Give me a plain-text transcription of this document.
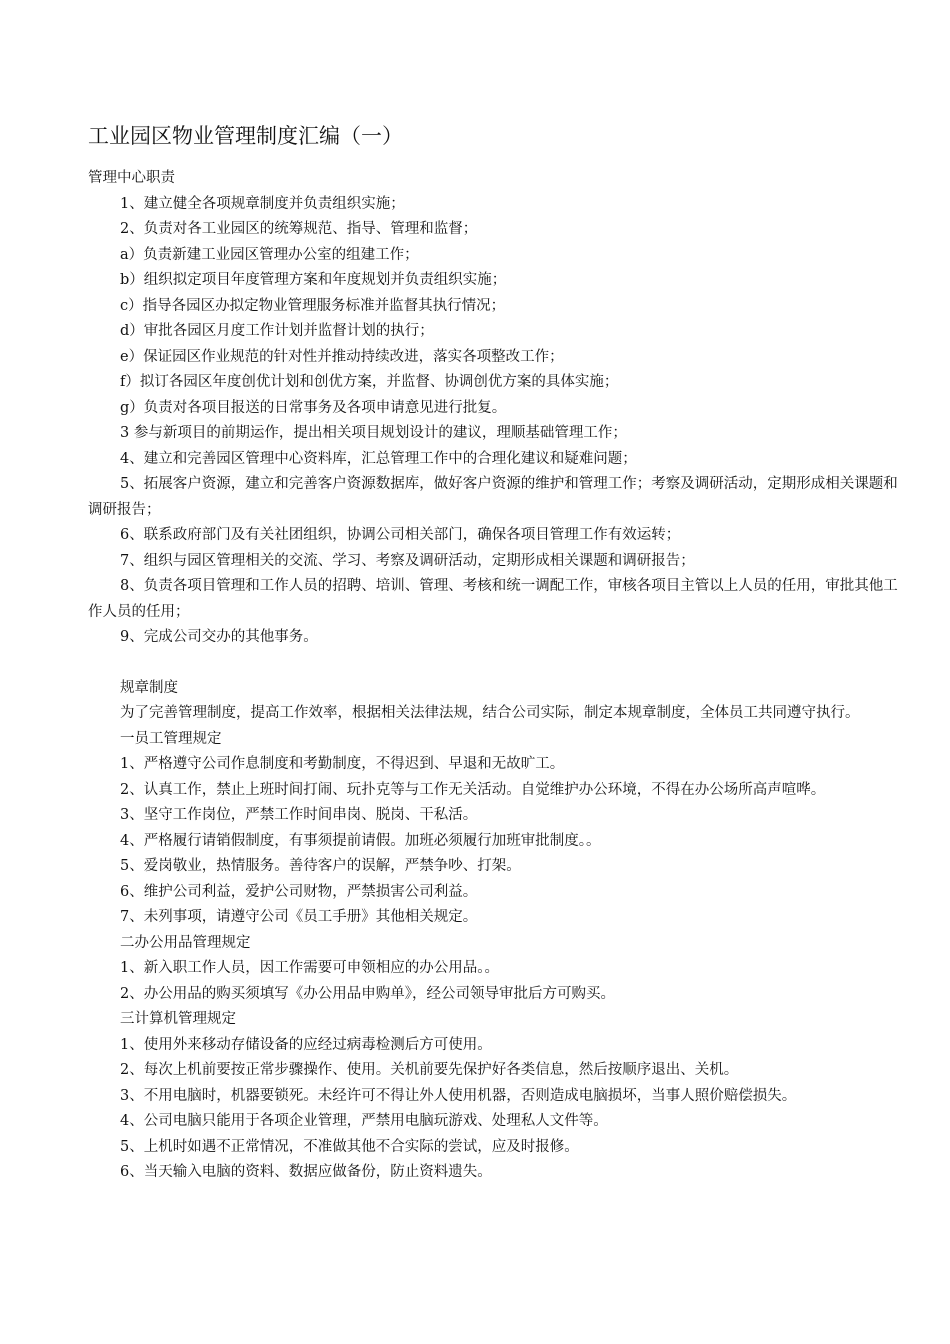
工业园区物业管理制度汇编（一）

管理中心职责

1、建立健全各项规章制度并负责组织实施；

2、负责对各工业园区的统筹规范、指导、管理和监督；

a）负责新建工业园区管理办公室的组建工作；

b）组织拟定项目年度管理方案和年度规划并负责组织实施；

c）指导各园区办拟定物业管理服务标准并监督其执行情况；

d）审批各园区月度工作计划并监督计划的执行；

e）保证园区作业规范的针对性并推动持续改进，落实各项整改工作；

f）拟订各园区年度创优计划和创优方案，并监督、协调创优方案的具体实施；

g）负责对各项目报送的日常事务及各项申请意见进行批复。

3 参与新项目的前期运作，提出相关项目规划设计的建议，理顺基础管理工作；

4、建立和完善园区管理中心资料库，汇总管理工作中的合理化建议和疑难问题；

5、拓展客户资源，建立和完善客户资源数据库，做好客户资源的维护和管理工作；考察及调研活动，定期形成相关课题和调研报告；

6、联系政府部门及有关社团组织，协调公司相关部门，确保各项目管理工作有效运转；

7、组织与园区管理相关的交流、学习、考察及调研活动，定期形成相关课题和调研报告；

8、负责各项目管理和工作人员的招聘、培训、管理、考核和统一调配工作，审核各项目主管以上人员的任用，审批其他工作人员的任用；

9、完成公司交办的其他事务。

规章制度

为了完善管理制度，提高工作效率，根据相关法律法规，结合公司实际，制定本规章制度，全体员工共同遵守执行。

一员工管理规定

1、严格遵守公司作息制度和考勤制度，不得迟到、早退和无故旷工。

2、认真工作，禁止上班时间打闹、玩扑克等与工作无关活动。自觉维护办公环境，不得在办公场所高声喧哗。

3、坚守工作岗位，严禁工作时间串岗、脱岗、干私活。

4、严格履行请销假制度，有事须提前请假。加班必须履行加班审批制度。。

5、爱岗敬业，热情服务。善待客户的误解，严禁争吵、打架。

6、维护公司利益，爱护公司财物，严禁损害公司利益。

7、未列事项，请遵守公司《员工手册》其他相关规定。

二办公用品管理规定

1、新入职工作人员，因工作需要可申领相应的办公用品。。

2、办公用品的购买须填写《办公用品申购单》，经公司领导审批后方可购买。

三计算机管理规定

1、使用外来移动存储设备的应经过病毒检测后方可使用。

2、每次上机前要按正常步骤操作、使用。关机前要先保护好各类信息，然后按顺序退出、关机。

3、不用电脑时，机器要锁死。未经许可不得让外人使用机器，否则造成电脑损坏，当事人照价赔偿损失。

4、公司电脑只能用于各项企业管理，严禁用电脑玩游戏、处理私人文件等。

5、上机时如遇不正常情况，不准做其他不合实际的尝试，应及时报修。

6、当天输入电脑的资料、数据应做备份，防止资料遗失。
